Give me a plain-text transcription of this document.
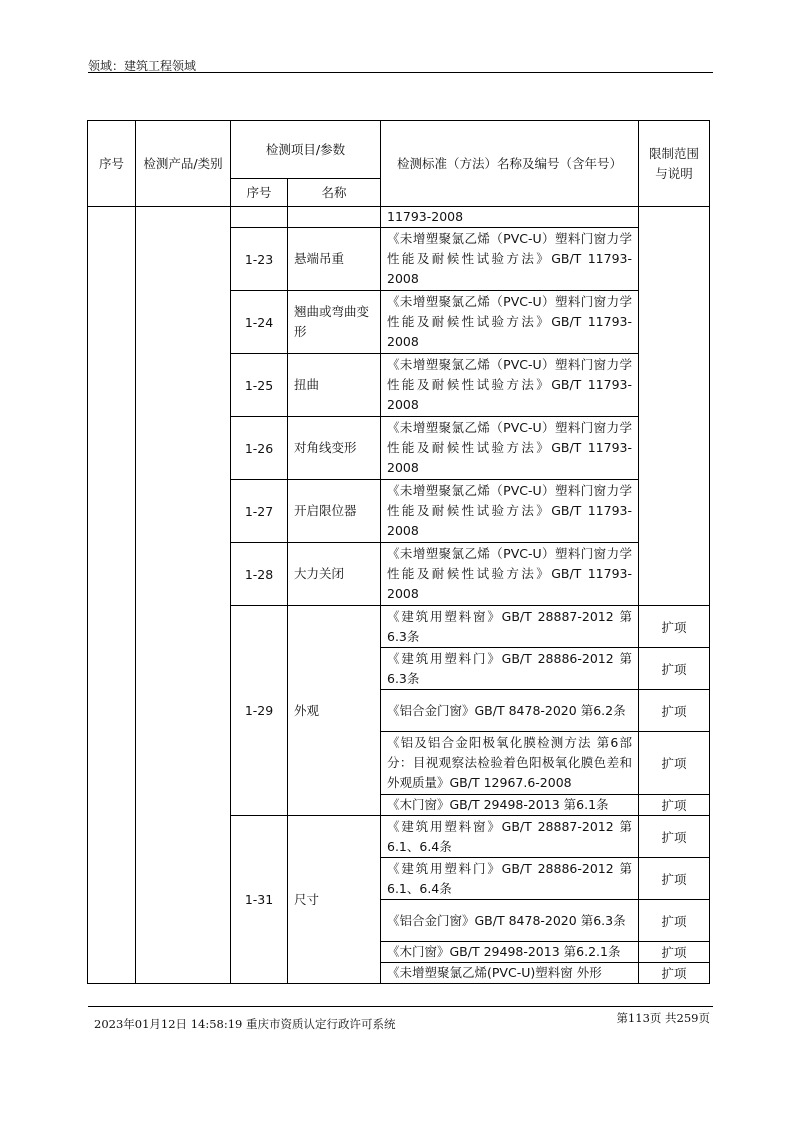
领域：建筑工程领域
序号	检测产品/类别	检测项目/参数		检测标准（方法）名称及编号（含年号）	限制范围与说明
		序号	名称		
				11793-2008	
		1-23	悬端吊重	《未增塑聚氯乙烯（PVC-U）塑料门窗力学性能及耐候性试验方法》GB/T 11793-2008	
		1-24	翘曲或弯曲变形	《未增塑聚氯乙烯（PVC-U）塑料门窗力学性能及耐候性试验方法》GB/T 11793-2008	
		1-25	扭曲	《未增塑聚氯乙烯（PVC-U）塑料门窗力学性能及耐候性试验方法》GB/T 11793-2008	
		1-26	对角线变形	《未增塑聚氯乙烯（PVC-U）塑料门窗力学性能及耐候性试验方法》GB/T 11793-2008	
		1-27	开启限位器	《未增塑聚氯乙烯（PVC-U）塑料门窗力学性能及耐候性试验方法》GB/T 11793-2008	
		1-28	大力关闭	《未增塑聚氯乙烯（PVC-U）塑料门窗力学性能及耐候性试验方法》GB/T 11793-2008	
		1-29	外观	《建筑用塑料窗》GB/T 28887-2012 第6.3条	扩项
				《建筑用塑料门》GB/T 28886-2012 第6.3条	扩项
				《铝合金门窗》GB/T 8478-2020 第6.2条	扩项
				《铝及铝合金阳极氧化膜检测方法 第6部分：目视观察法检验着色阳极氧化膜色差和外观质量》GB/T 12967.6-2008	扩项
				《木门窗》GB/T 29498-2013 第6.1条	扩项
		1-31	尺寸	《建筑用塑料窗》GB/T 28887-2012 第6.1、6.4条	扩项
				《建筑用塑料门》GB/T 28886-2012 第6.1、6.4条	扩项
				《铝合金门窗》GB/T 8478-2020 第6.3条	扩项
				《木门窗》GB/T 29498-2013 第6.2.1条	扩项
				《未增塑聚氯乙烯(PVC-U)塑料窗 外形	扩项
2023年01月12日 14:58:19 重庆市资质认定行政许可系统	第113页 共259页
